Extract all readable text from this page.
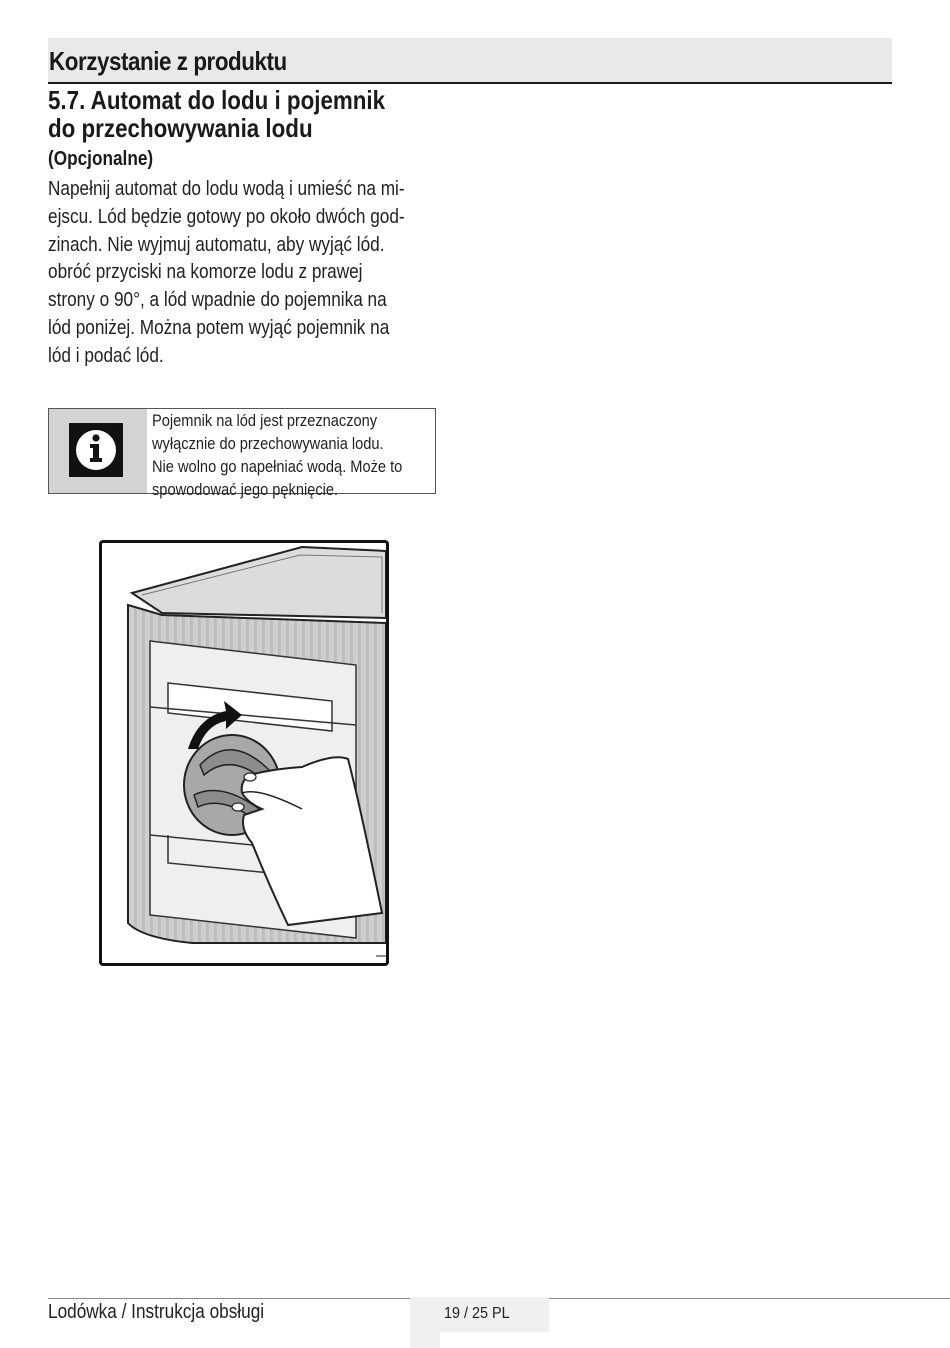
Korzystanie z produktu
5.7. Automat do lodu i pojemnik
do przechowywania lodu
(Opcjonalne)
Napełnij automat do lodu wodą i umieść na mi-
ejscu. Lód będzie gotowy po około dwóch god-
zinach. Nie wyjmuj automatu, aby wyjąć lód.
obróć przyciski na komorze lodu z prawej
strony o 90°, a lód wpadnie do pojemnika na
lód poniżej. Można potem wyjąć pojemnik na
lód i podać lód.
Pojemnik na lód jest przeznaczony
wyłącznie do przechowywania lodu.
Nie wolno go napełniać wodą. Może to
spowodować jego pęknięcie.
Lodówka / Instrukcja obsługi	19 / 25 PL
